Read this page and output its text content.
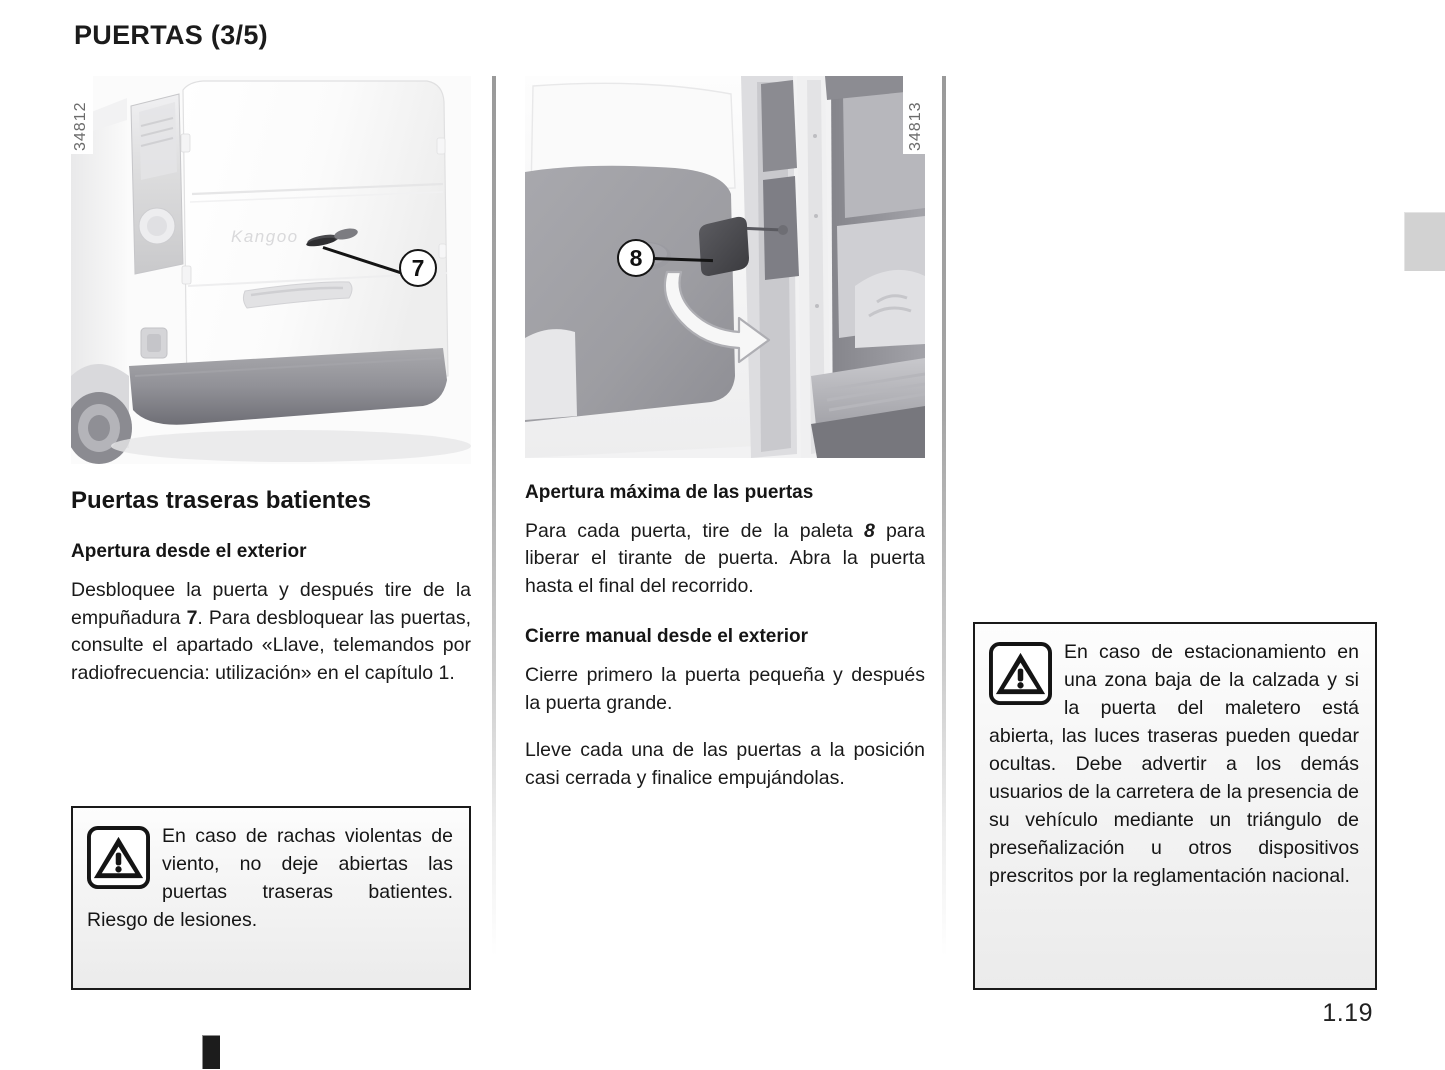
PUERTAS (3/5)
1.19
Kangoo
34812
7
Puertas traseras batientes
Apertura desde el exterior

Desbloquee la puerta y después tire de la empuñadura 7. Para desbloquear las puertas, consulte el apartado «Llave, telemandos por radiofrecuencia: utilización» en el capítulo 1.

En caso de rachas violentas de viento, no deje abiertas las puertas traseras batientes. Riesgo de lesiones.
34813
8
Apertura máxima de las puertas

Para cada puerta, tire de la paleta 8 para liberar el tirante de puerta. Abra la puerta hasta el final del recorrido.

Cierre manual desde el exterior

Cierre primero la puerta pequeña y después la puerta grande.

Lleve cada una de las puertas a la posición casi cerrada y finalice empujándolas.

En caso de estacionamiento en una zona baja de la calzada y si la puerta del maletero está abierta, las luces traseras pueden quedar ocultas. Debe advertir a los demás usuarios de la carretera de la presencia de su vehículo mediante un triángulo de preseñalización u otros dispositivos prescritos por la reglamentación nacional.
